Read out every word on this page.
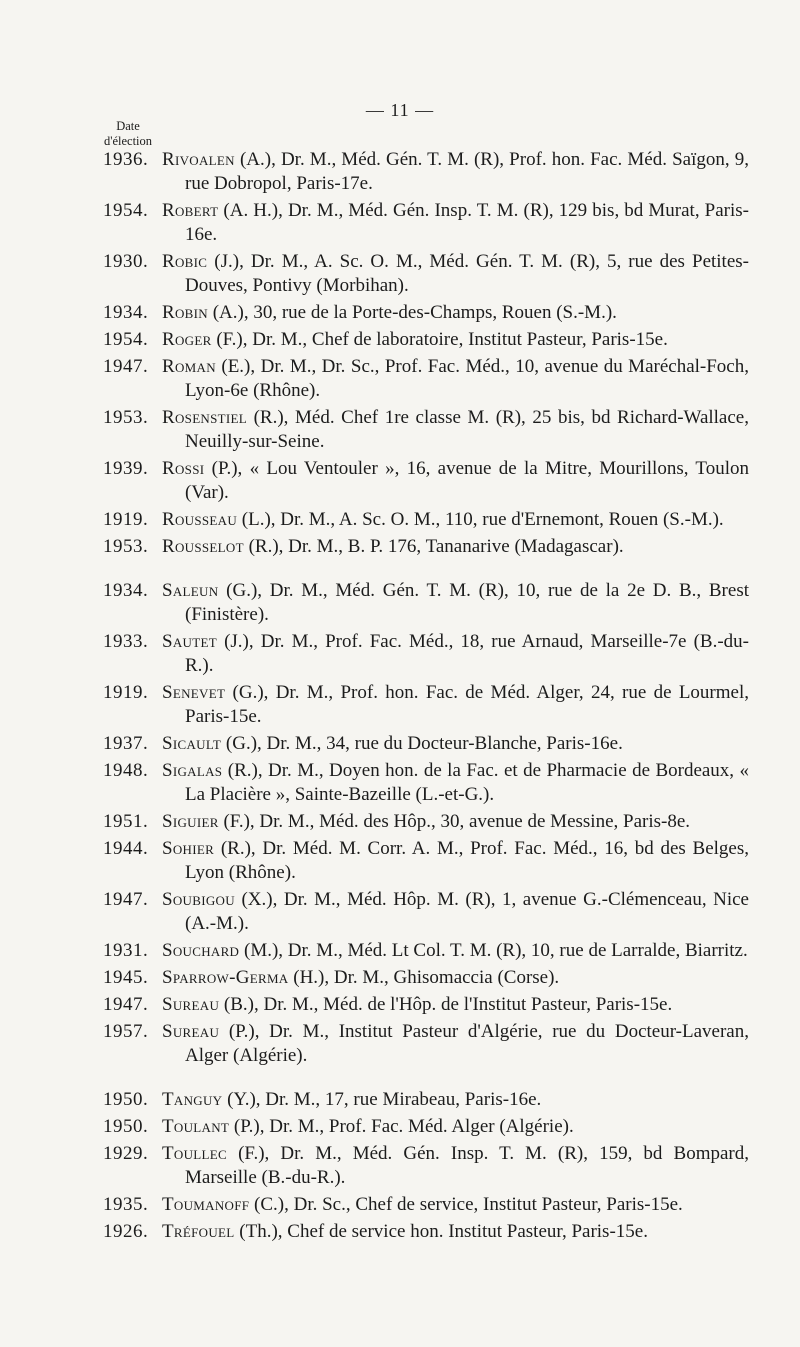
— 11 —
Date
d'élection
1936. Rivoalen (A.), Dr. M., Méd. Gén. T. M. (R), Prof. hon. Fac. Méd. Saïgon, 9, rue Dobropol, Paris-17e.
1954. Robert (A. H.), Dr. M., Méd. Gén. Insp. T. M. (R), 129 bis, bd Murat, Paris-16e.
1930. Robic (J.), Dr. M., A. Sc. O. M., Méd. Gén. T. M. (R), 5, rue des Petites-Douves, Pontivy (Morbihan).
1934. Robin (A.), 30, rue de la Porte-des-Champs, Rouen (S.-M.).
1954. Roger (F.), Dr. M., Chef de laboratoire, Institut Pasteur, Paris-15e.
1947. Roman (E.), Dr. M., Dr. Sc., Prof. Fac. Méd., 10, avenue du Maréchal-Foch, Lyon-6e (Rhône).
1953. Rosenstiel (R.), Méd. Chef 1re classe M. (R), 25 bis, bd Richard-Wallace, Neuilly-sur-Seine.
1939. Rossi (P.), « Lou Ventouler », 16, avenue de la Mitre, Mourillons, Toulon (Var).
1919. Rousseau (L.), Dr. M., A. Sc. O. M., 110, rue d'Ernemont, Rouen (S.-M.).
1953. Rousselot (R.), Dr. M., B. P. 176, Tananarive (Madagascar).
1934. Saleun (G.), Dr. M., Méd. Gén. T. M. (R), 10, rue de la 2e D. B., Brest (Finistère).
1933. Sautet (J.), Dr. M., Prof. Fac. Méd., 18, rue Arnaud, Marseille-7e (B.-du-R.).
1919. Senevet (G.), Dr. M., Prof. hon. Fac. de Méd. Alger, 24, rue de Lourmel, Paris-15e.
1937. Sicault (G.), Dr. M., 34, rue du Docteur-Blanche, Paris-16e.
1948. Sigalas (R.), Dr. M., Doyen hon. de la Fac. et de Pharmacie de Bordeaux, « La Placière », Sainte-Bazeille (L.-et-G.).
1951. Siguier (F.), Dr. M., Méd. des Hôp., 30, avenue de Messine, Paris-8e.
1944. Sohier (R.), Dr. Méd. M. Corr. A. M., Prof. Fac. Méd., 16, bd des Belges, Lyon (Rhône).
1947. Soubigou (X.), Dr. M., Méd. Hôp. M. (R), 1, avenue G.-Clémenceau, Nice (A.-M.).
1931. Souchard (M.), Dr. M., Méd. Lt Col. T. M. (R), 10, rue de Larralde, Biarritz.
1945. Sparrow-Germa (H.), Dr. M., Ghisomaccia (Corse).
1947. Sureau (B.), Dr. M., Méd. de l'Hôp. de l'Institut Pasteur, Paris-15e.
1957. Sureau (P.), Dr. M., Institut Pasteur d'Algérie, rue du Docteur-Laveran, Alger (Algérie).
1950. Tanguy (Y.), Dr. M., 17, rue Mirabeau, Paris-16e.
1950. Toulant (P.), Dr. M., Prof. Fac. Méd. Alger (Algérie).
1929. Toullec (F.), Dr. M., Méd. Gén. Insp. T. M. (R), 159, bd Bompard, Marseille (B.-du-R.).
1935. Toumanoff (C.), Dr. Sc., Chef de service, Institut Pasteur, Paris-15e.
1926. Tréfouel (Th.), Chef de service hon. Institut Pasteur, Paris-15e.
